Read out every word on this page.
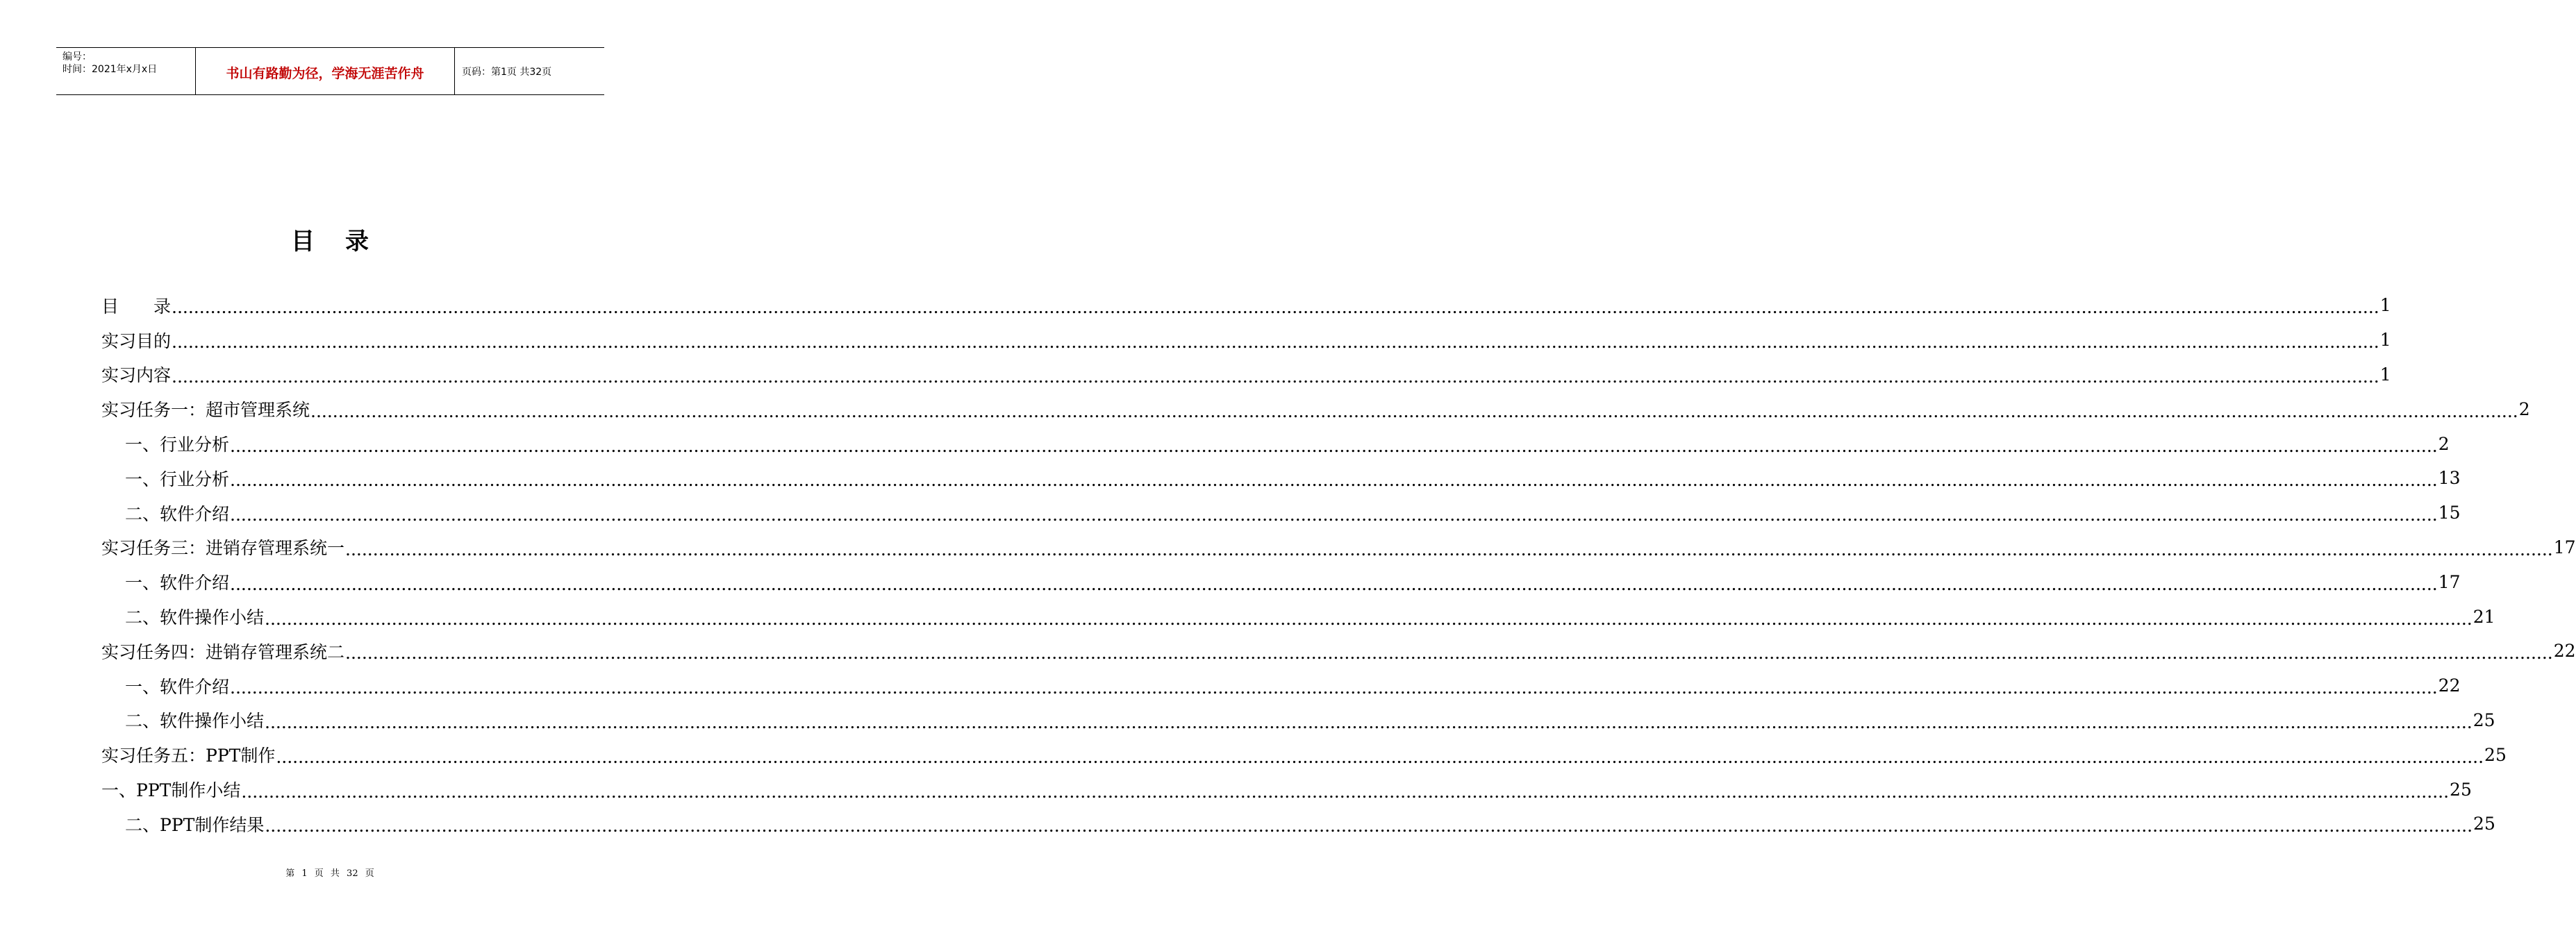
编号：
时间：2021年x月x日	书山有路勤为径，学海无涯苦作舟	页码：第1页 共32页
目录
目　　录 ................................................................................................................................................................................................................................................................................................................................................................................................................ 1
实习目的 ................................................................................................................................................................................................................................................................................................................................................................................................................ 1
实习内容 ................................................................................................................................................................................................................................................................................................................................................................................................................ 1
实习任务一：超市管理系统 ................................................................................................................................................................................................................................................................................................................................................................................................................ 2
一、行业分析 ................................................................................................................................................................................................................................................................................................................................................................................................................ 2
一、行业分析 ................................................................................................................................................................................................................................................................................................................................................................................................................ 13
二、软件介绍 ................................................................................................................................................................................................................................................................................................................................................................................................................ 15
实习任务三：进销存管理系统一 ................................................................................................................................................................................................................................................................................................................................................................................................................ 17
一、软件介绍 ................................................................................................................................................................................................................................................................................................................................................................................................................ 17
二、软件操作小结 ................................................................................................................................................................................................................................................................................................................................................................................................................ 21
实习任务四：进销存管理系统二 ................................................................................................................................................................................................................................................................................................................................................................................................................ 22
一、软件介绍 ................................................................................................................................................................................................................................................................................................................................................................................................................ 22
二、软件操作小结 ................................................................................................................................................................................................................................................................................................................................................................................................................ 25
实习任务五：PPT制作 ................................................................................................................................................................................................................................................................................................................................................................................................................ 25
一、PPT制作小结 ................................................................................................................................................................................................................................................................................................................................................................................................................ 25
二、PPT制作结果 ................................................................................................................................................................................................................................................................................................................................................................................................................ 25
第 1 页 共 32 页
